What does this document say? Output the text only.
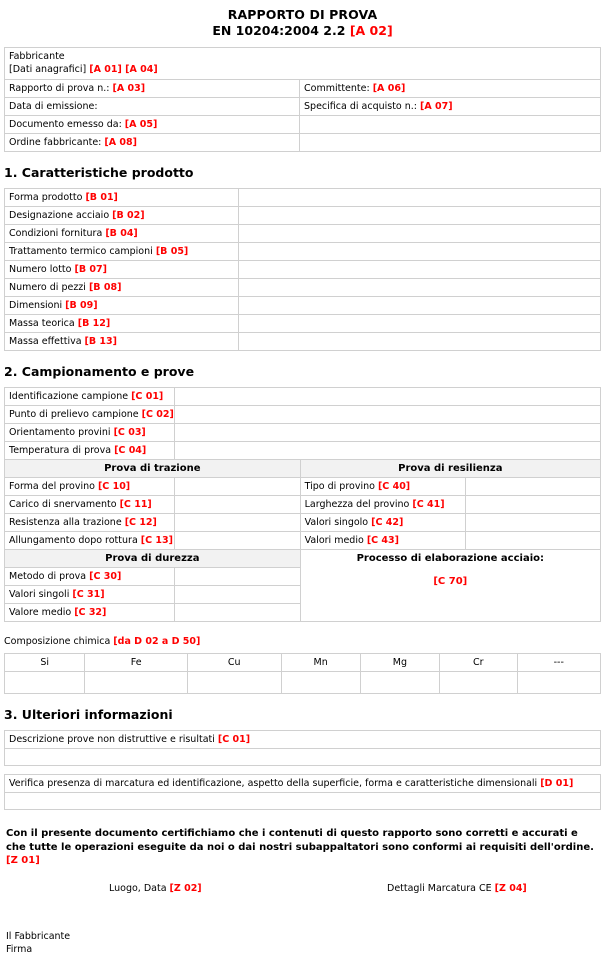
RAPPORTO DI PROVA
EN 10204:2004 2.2 [A 02]
Fabbricante
[Dati anagrafici] [A 01] [A 04]	
Rapporto di prova n.: [A 03]	Committente: [A 06]
Data di emissione:	Specifica di acquisto n.: [A 07]
Documento emesso da: [A 05]	
Ordine fabbricante: [A 08]	
1. Caratteristiche prodotto
Forma prodotto [B 01]	
Designazione acciaio [B 02]	
Condizioni fornitura [B 04]	
Trattamento termico campioni [B 05]	
Numero lotto [B 07]	
Numero di pezzi [B 08]	
Dimensioni [B 09]	
Massa teorica [B 12]	
Massa effettiva [B 13]	
2. Campionamento e prove
Identificazione campione [C 01]			
Punto di prelievo campione [C 02]			
Orientamento provini [C 03]			
Temperatura di prova [C 04]			
Prova di trazione		Prova di resilienza	
Forma del provino [C 10]		Tipo di provino [C 40]	
Carico di snervamento [C 11]		Larghezza del provino [C 41]	
Resistenza alla trazione [C 12]		Valori singolo [C 42]	
Allungamento dopo rottura [C 13]		Valori medio [C 43]	
Prova di durezza		Processo di elaborazione acciaio:
[C 70]	

Metodo di prova [C 30]			
Valori singoli [C 31]			
Valore medio [C 32]			
Composizione chimica [da D 02 a D 50]
Si	Fe	Cu	Mn	Mg	Cr	---

3. Ulteriori informazioni
Descrizione prove non distruttive e risultati [C 01]

Verifica presenza di marcatura ed identificazione, aspetto della superficie, forma e caratteristiche dimensionali [D 01]

Con il presente documento certifichiamo che i contenuti di questo rapporto sono corretti e accurati e che tutte le operazioni eseguite da noi o dai nostri subappaltatori sono conformi ai requisiti dell'ordine. [Z 01]
Luogo, Data [Z 02]	Dettagli Marcatura CE [Z 04]
Il Fabbricante
Firma
